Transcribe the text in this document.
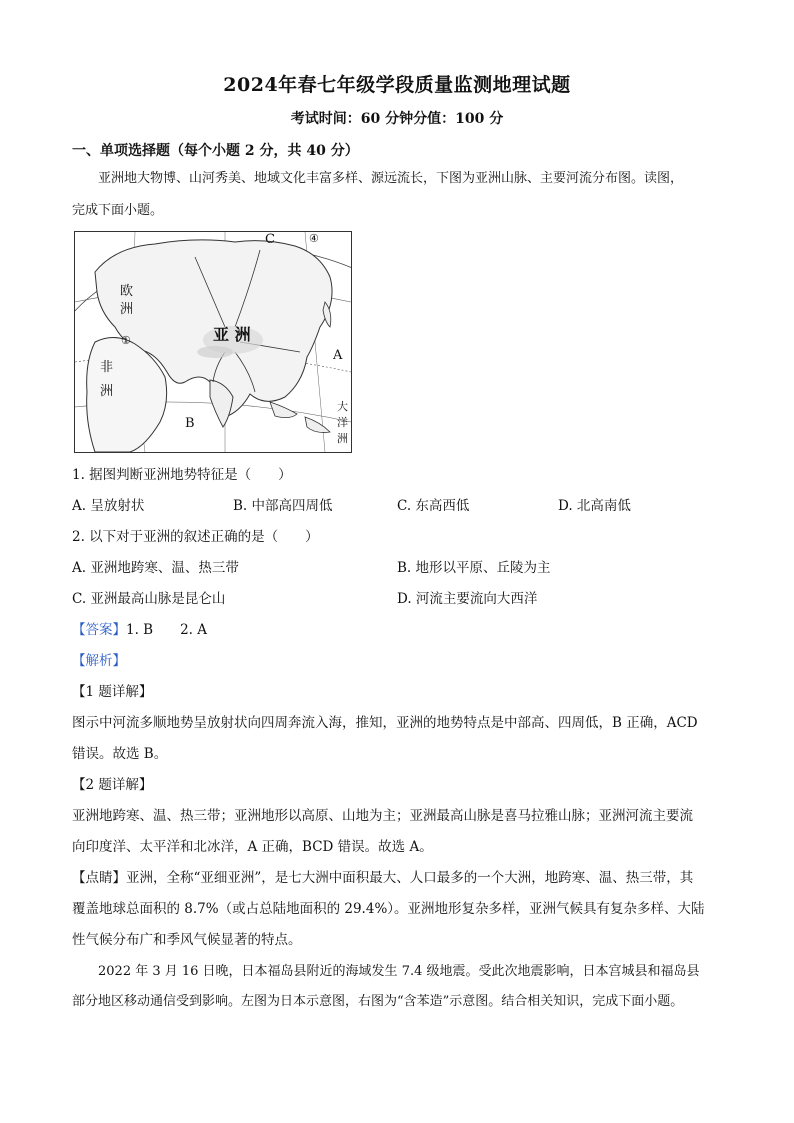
2024年春七年级学段质量监测地理试题
考试时间：60 分钟分值：100 分
一、单项选择题（每个小题 2 分，共 40 分）
亚洲地大物博、山河秀美、地域文化丰富多样、源远流长，下图为亚洲山脉、主要河流分布图。读图，
完成下面小题。
亚 洲
欧
洲
非
洲
大
洋
洲
A
B
C
①
④
1. 据图判断亚洲地势特征是（　　）
A. 呈放射状	B. 中部高四周低	C. 东高西低	D. 北高南低
2. 以下对于亚洲的叙述正确的是（　　）
A. 亚洲地跨寒、温、热三带	B. 地形以平原、丘陵为主
C. 亚洲最高山脉是昆仑山	D. 河流主要流向大西洋
【答案】1. B　　2. A
【解析】
【1 题详解】
图示中河流多顺地势呈放射状向四周奔流入海，推知，亚洲的地势特点是中部高、四周低，B 正确，ACD
错误。故选 B。
【2 题详解】
亚洲地跨寒、温、热三带；亚洲地形以高原、山地为主；亚洲最高山脉是喜马拉雅山脉；亚洲河流主要流
向印度洋、太平洋和北冰洋，A 正确，BCD 错误。故选 A。
【点睛】亚洲，全称“亚细亚洲”，是七大洲中面积最大、人口最多的一个大洲，地跨寒、温、热三带，其
覆盖地球总面积的 8.7%（或占总陆地面积的 29.4%）。亚洲地形复杂多样，亚洲气候具有复杂多样、大陆
性气候分布广和季风气候显著的特点。
2022 年 3 月 16 日晚，日本福岛县附近的海域发生 7.4 级地震。受此次地震影响，日本宫城县和福岛县
部分地区移动通信受到影响。左图为日本示意图，右图为“含苯造”示意图。结合相关知识，完成下面小题。
